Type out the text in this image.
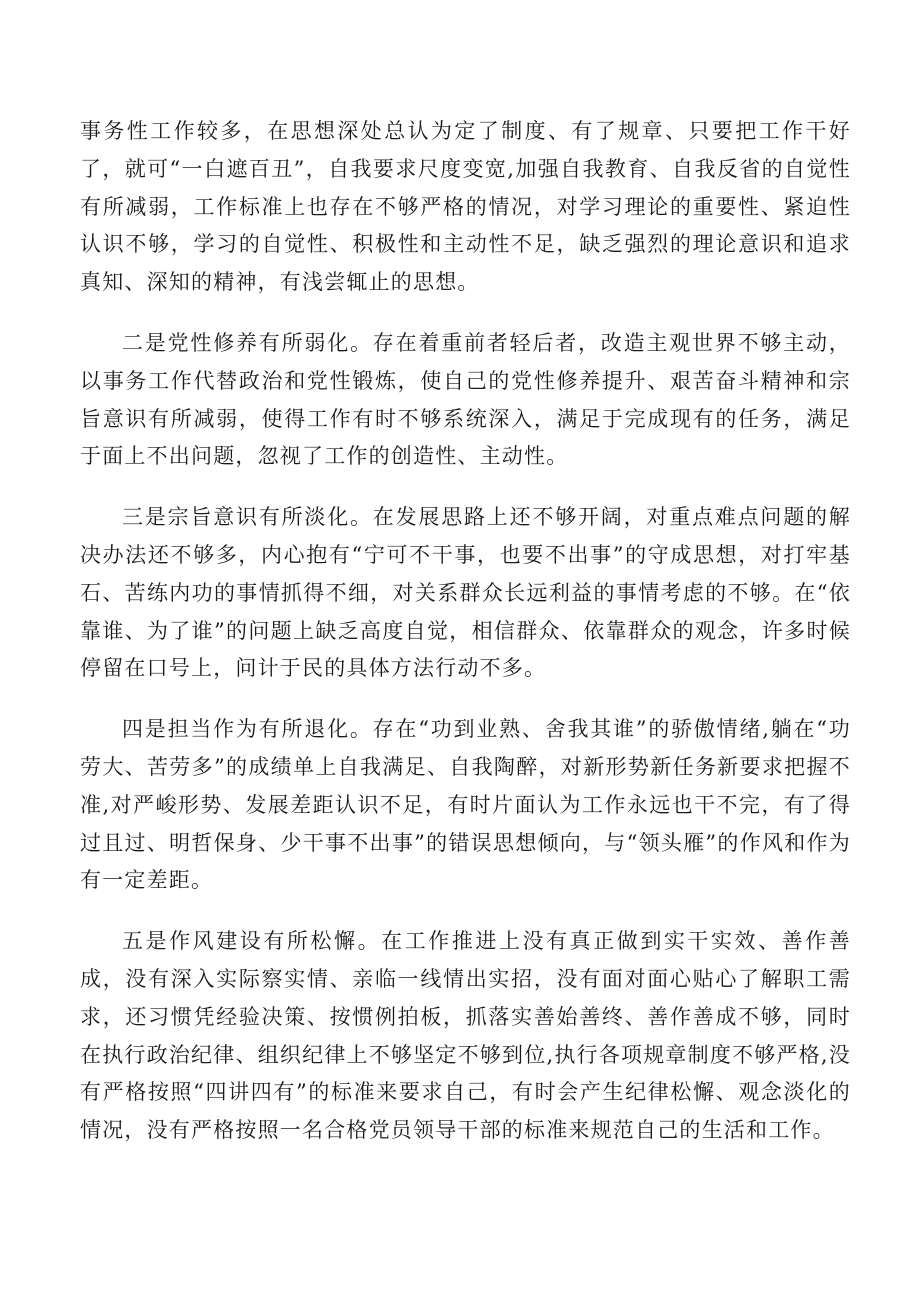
事务性工作较多，在思想深处总认为定了制度、有了规章、只要把工作干好了，就可“一白遮百丑”，自我要求尺度变宽,加强自我教育、自我反省的自觉性有所减弱，工作标准上也存在不够严格的情况，对学习理论的重要性、紧迫性认识不够，学习的自觉性、积极性和主动性不足，缺乏强烈的理论意识和追求真知、深知的精神，有浅尝辄止的思想。

二是党性修养有所弱化。存在着重前者轻后者，改造主观世界不够主动，以事务工作代替政治和党性锻炼，使自己的党性修养提升、艰苦奋斗精神和宗旨意识有所减弱，使得工作有时不够系统深入，满足于完成现有的任务，满足于面上不出问题，忽视了工作的创造性、主动性。

三是宗旨意识有所淡化。在发展思路上还不够开阔，对重点难点问题的解决办法还不够多，内心抱有“宁可不干事，也要不出事”的守成思想，对打牢基石、苦练内功的事情抓得不细，对关系群众长远利益的事情考虑的不够。在“依靠谁、为了谁”的问题上缺乏高度自觉，相信群众、依靠群众的观念，许多时候停留在口号上，问计于民的具体方法行动不多。

四是担当作为有所退化。存在“功到业熟、舍我其谁”的骄傲情绪,躺在“功劳大、苦劳多”的成绩单上自我满足、自我陶醉，对新形势新任务新要求把握不准,对严峻形势、发展差距认识不足，有时片面认为工作永远也干不完，有了得过且过、明哲保身、少干事不出事”的错误思想倾向，与“领头雁”的作风和作为有一定差距。

五是作风建设有所松懈。在工作推进上没有真正做到实干实效、善作善成，没有深入实际察实情、亲临一线情出实招，没有面对面心贴心了解职工需求，还习惯凭经验决策、按惯例拍板，抓落实善始善终、善作善成不够，同时在执行政治纪律、组织纪律上不够坚定不够到位,执行各项规章制度不够严格,没有严格按照“四讲四有”的标准来要求自己，有时会产生纪律松懈、观念淡化的情况，没有严格按照一名合格党员领导干部的标准来规范自己的生活和工作。
